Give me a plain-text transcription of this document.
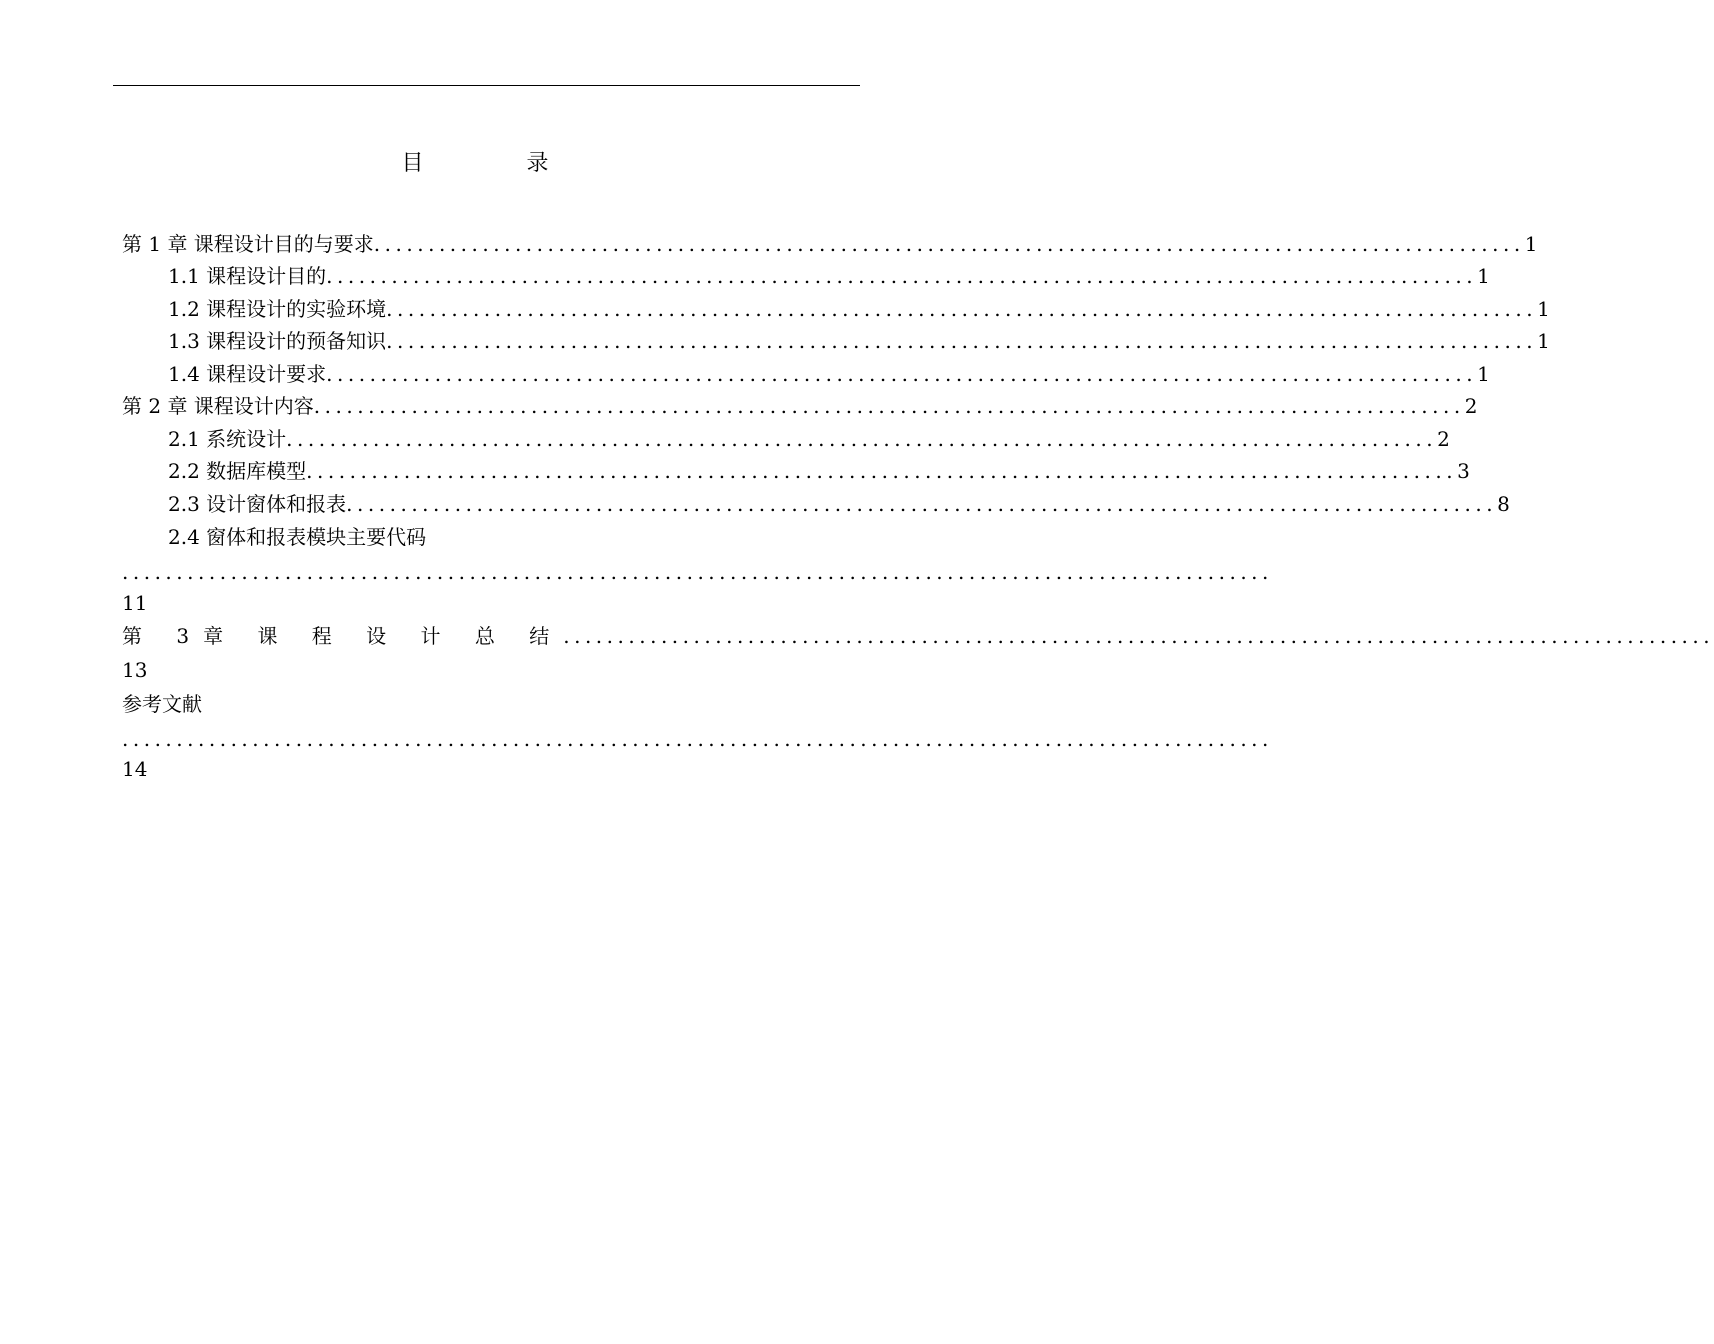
目 录
第 1 章 课程设计目的与要求 .......................................................................................................... 1
1.1 课程设计目的 .......................................................................................................... 1
1.2 课程设计的实验环境 .......................................................................................................... 1
1.3 课程设计的预备知识 .......................................................................................................... 1
1.4 课程设计要求 .......................................................................................................... 1
第 2 章 课程设计内容 .......................................................................................................... 2
2.1 系统设计 .......................................................................................................... 2
2.2 数据库模型 .......................................................................................................... 3
2.3 设计窗体和报表 .......................................................................................................... 8
2.4 窗体和报表模块主要代码
..........................................................................................................
11
第 3章 课 程 设 计 总 结 ..........................................................................................................
13
参考文献
..........................................................................................................
14
